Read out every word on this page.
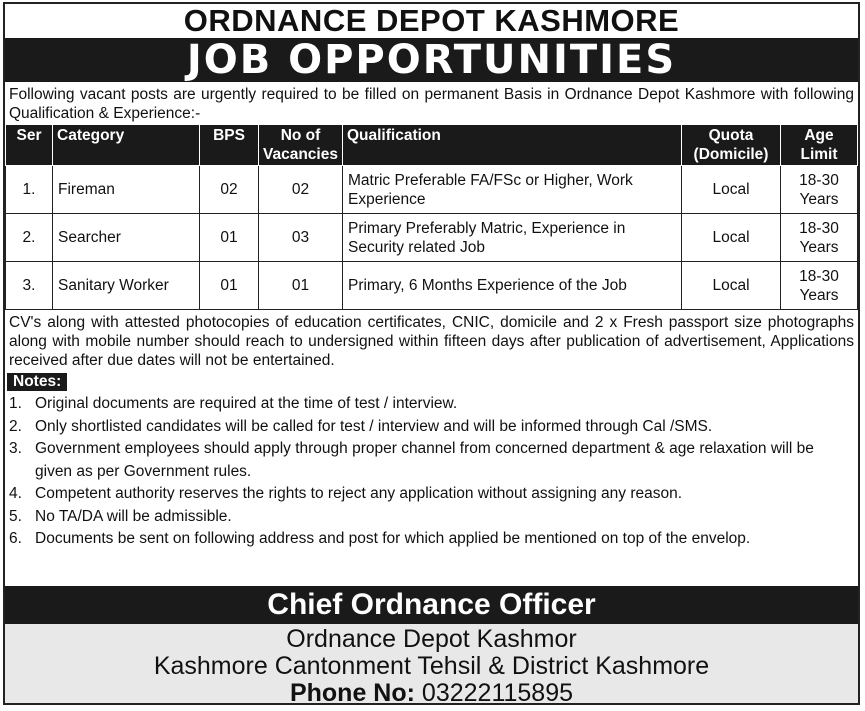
ORDNANCE DEPOT KASHMORE
JOB OPPORTUNITIES
Following vacant posts are urgently required to be filled on permanent Basis in Ordnance Depot Kashmore with following Qualification & Experience:-
Ser	Category	BPS	No of Vacancies	Qualification	Quota (Domicile)	Age Limit
1.	Fireman	02	02	Matric Preferable FA/FSc or Higher, Work Experience	Local	18-30 Years
2.	Searcher	01	03	Primary Preferably Matric, Experience in Security related Job	Local	18-30 Years
3.	Sanitary Worker	01	01	Primary, 6 Months Experience of the Job	Local	18-30 Years
CV's along with attested photocopies of education certificates, CNIC, domicile and 2 x Fresh passport size photographs along with mobile number should reach to undersigned within fifteen days after publication of advertisement, Applications received after due dates will not be entertained.
Notes:
1. Original documents are required at the time of test / interview.
2. Only shortlisted candidates will be called for test / interview and will be informed through Cal /SMS.
3. Government employees should apply through proper channel from concerned department & age relaxation will be given as per Government rules.
4. Competent authority reserves the rights to reject any application without assigning any reason.
5. No TA/DA will be admissible.
6. Documents be sent on following address and post for which applied be mentioned on top of the envelop.
Chief Ordnance Officer
Ordnance Depot Kashmor
Kashmore Cantonment Tehsil & District Kashmore
Phone No: 03222115895
